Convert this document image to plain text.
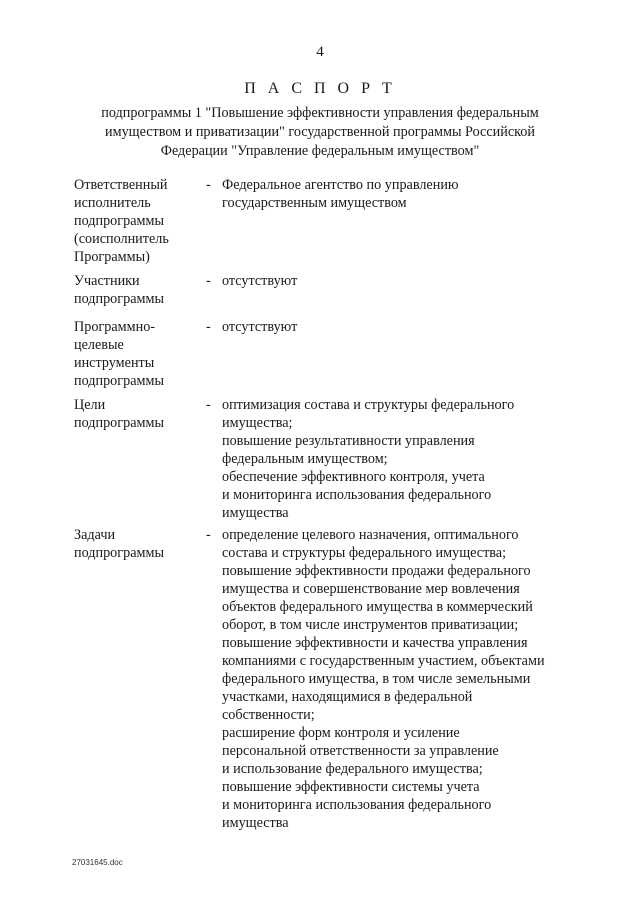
4
П А С П О Р Т
подпрограммы 1 "Повышение эффективности управления федеральным
имуществом и приватизации" государственной программы Российской
Федерации "Управление федеральным имуществом"
Ответственный
исполнитель
подпрограммы
(соисполнитель
Программы)
- Федеральное агентство по управлению
государственным имуществом
Участники
подпрограммы
- отсутствуют
Программно-
целевые
инструменты
подпрограммы
- отсутствуют
Цели
подпрограммы
- оптимизация состава и структуры федерального
имущества;
повышение результативности управления
федеральным имуществом;
обеспечение эффективного контроля, учета
и мониторинга использования федерального
имущества
Задачи
подпрограммы
- определение целевого назначения, оптимального
состава и структуры федерального имущества;
повышение эффективности продажи федерального
имущества и совершенствование мер вовлечения
объектов федерального имущества в коммерческий
оборот, в том числе инструментов приватизации;
повышение эффективности и качества управления
компаниями с государственным участием, объектами
федерального имущества, в том числе земельными
участками, находящимися в федеральной
собственности;
расширение форм контроля и усиление
персональной ответственности за управление
и использование федерального имущества;
повышение эффективности системы учета
и мониторинга использования федерального
имущества
27031645.doc
